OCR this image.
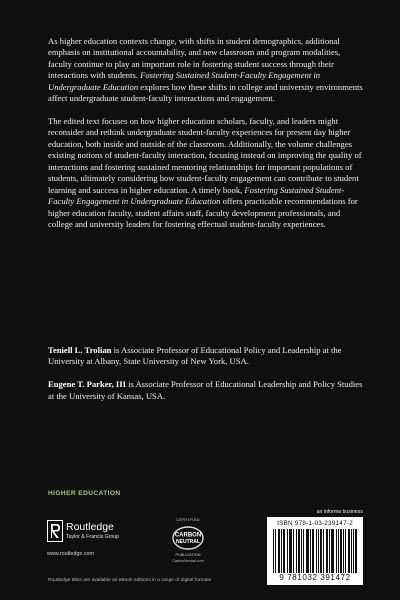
As higher education contexts change, with shifts in student demographics, additional emphasis on institutional accountability, and new classroom and program modalities, faculty continue to play an important role in fostering student success through their interactions with students. Fostering Sustained Student-Faculty Engagement in Undergraduate Education explores how these shifts in college and university environments affect undergraduate student-faculty interactions and engagement.

The edited text focuses on how higher education scholars, faculty, and leaders might reconsider and rethink undergraduate student-faculty experiences for present day higher education, both inside and outside of the classroom. Additionally, the volume challenges existing notions of student-faculty interaction, focusing instead on improving the quality of interactions and fostering sustained mentoring relationships for important populations of students, ultimately considering how student-faculty engagement can contribute to student learning and success in higher education. A timely book, Fostering Sustained Student-Faculty Engagement in Undergraduate Education offers practicable recommendations for higher education faculty, student affairs staff, faculty development professionals, and college and university leaders for fostering effectual student-faculty experiences.

Teniell L. Trolian is Associate Professor of Educational Policy and Leadership at the University at Albany, State University of New York, USA.

Eugene T. Parker, III is Associate Professor of Educational Leadership and Policy Studies at the University of Kansas, USA.

HIGHER EDUCATION
Routledge
Taylor & Francis Group
www.routledge.com
CERTIFIED
CARBON
NEUTRAL
PUBLICATION
CarbonNeutral.com
an informa business
ISBN 978-1-03-239147-2
9 781032 391472
Routledge titles are available as eBook editions in a range of digital formats
